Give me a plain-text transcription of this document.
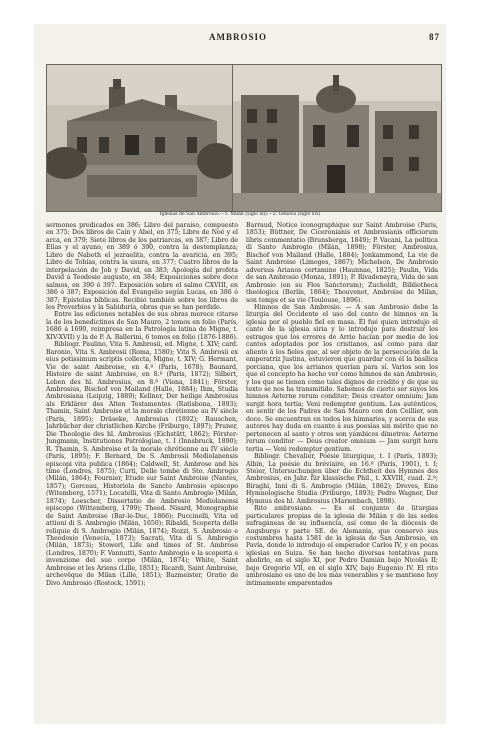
AMBROSIO	87
Iglesias de San Ambrosio.—1. Milán (siglo xii).—2. Génova (siglo xvi)

sermones predicados en 386; Libro del paraíso, compuesto en 375; Dos libros de Caín y Abel, en 375; Libro de Noé y el arca, en 379; Siete libros de los patriarcas, en 387; Libro de Elías y el ayuno, en 389 ó 390, contra la destemplanza; Libro de Naboth el jezraelita, contra la avaricia, en 395; Libro de Tobías, contra la usura, en 377; Cuatro libros de la interpelación de Job y David, en 383; Apología del profeta David á Teodosio augusto, en 384; Exposiciones sobre doce salmos, en 390 ó 397. Exposición sobre el salmo CXVIII, en 386 ó 387; Exposición del Evangelio según Lucas, en 386 ó 387; Epístolas bíblicas. Recibió también sobre los libros de los Proverbios y la Sabiduría, obras que se han perdido.

Entre las ediciones notables de sus obras merece citarse la de los benedictinos de San Mauro, 2 tomos en folio (París, 1686 á 1690, reimpresa en la Patrología latina de Migne, t. XIV-XVII) y la de P. A. Ballerini, 6 tomos en folio (1876-1886).

Bibliogr. Paulino, Vita S. Ambrosii, ed. Migne, t. XIV; card. Baronio, Vita S. Ambrosii (Roma, 1580); Vita S. Ambrosii ex eius potissimum scriptis collecta, Migne, t. XIV; G. Hermant, Vie de saint Ambroise, en 4.º (París, 1678); Baunard, Histoire de saint Ambroise, en 8.º (París, 1872); Silbert, Leben des hl. Ambrosius, en 8.º (Viena, 1841); Förster, Ambrosius, Bischof von Mailand (Halle, 1884); Ihm, Studia Ambrosiana (Leipzig, 1889); Kellner, Der heilige Ambrosius als Erklärer des Alten Testamentes (Ratisbona, 1893); Thamin, Saint Ambroise et la morale chrétienne au IV siècle (París, 1895); Dräseke, Ambrosius (1892); Rauschen, Jahrbücher der christlichen Kirche (Friburgo, 1897); Pruner, Die Theologie des hl. Ambrosius (Eichstätt, 1862); Förster-Jungmann, Institutiones Patrologiae, t. I (Innsbruck, 1890); R. Thamin, S. Ambroise et la morale chrétienne au IV siècle (París, 1895); F. Bernard, De S. Ambrosii Mediolanensis episcopi vita publica (1864); Caldwell, St. Ambrose and his time (Londres, 1875); Curti, Delle tombe di Sto. Ambrogio (Milán, 1864); Fournier, Etude sur Saint Ambroise (Nantes, 1857); Gerceau, Historiola de Sancto Ambrosio episcopo (Witemberg, 1571); Locatelli, Vita di Santo Ambrogio (Milán, 1874); Loescher, Dissertatio de Ambrosio Mediolanensi episcopo (Wittemberg, 1799); Theod. Nisard, Monographie de Saint Ambroise (Bar-le-Duc, 1866); Puccinelli, Vita ed attioni di S. Ambrogio (Milán, 1650); Ribaldi, Scoperta delle reliquie di S. Ambrogio (Milán, 1874); Rozzi, S. Ambrosio e Theodosio (Venecia, 1873); Sacrati, Vita di S. Ambrogio (Milán, 1873); Stowerl, Life and times of St. Ambrose (Londres, 1870); F. Vannutti, Santo Ambrogio e la scoperta e invenzione del suo corpo (Milán, 1874); White, Saint Ambroise et les Ariens (Lille, 1851); Ricardi, Saint Ambroise, archevêque de Milan (Lille, 1851); Bazmeister, Oratio de Divo Ambrosio (Rostock, 1591);

Barraud, Notice iconographique sur Saint Ambroise (París, 1853); Büttner, De Ciceronianis et Ambrosianis officiorum libris commentatio (Brunsberga, 1849); P. Vacani, La politica di Santo Ambrogio (Milán, 1898); Förster, Ambrosius, Bischof von Mailand (Halle, 1884); Jonkammond, La vie de Saint Ambroise (Limoges, 1867); Michelson, De Ambrosio adversus Arianos certamine (Haunnae, 1825); Paulin, Vida de san Ambrosio (Monza, 1891); P. Rivadeneyra, Vida de san Ambrosio (en su Flos Sanctorum); Zucholdt, Bibliotheca theologica (Berlín, 1864); Thouvenot, Ambroise de Milan, son temps et sa vie (Toulouse, 1896).

Himnos de San Ambrosio. — A san Ambrosio debe la liturgia del Occidente el uso del canto de himnos en la iglesia por el pueblo fiel en masa. Él fué quien introdujo el canto de la iglesia siria y lo introdujo para destruir los estragos que los errores de Arrio hacían por medio de los cantos adoptados por los cristianos, así como para dar aliento á los fieles que, al ser objeto de la persecución de la emperatriz Justina, estuvieron que guardar con él la basílica porciana, que los arrianos querían para sí. Varios son los que el concepto ha hecho ver como himnos de san Ambrosio, y los que se tienen como tales dignos de crédito y de que su texto se nos ha transmitido. Sabemos de cierto ser suyos los himnos Aeterne rerum conditor; Deus creator omnium; Jam surgit hora tertia; Veni redemptor gentium. Los auténticos, en sentir de los Padres de San Mauro con don Ceillier, son doce. Se encuentran en todos los himnarios, y acerca de sus autores hay duda en cuanto á sus poesías sin mérito que no pertenecen al santo y otros son yámbicos dímetros: Aeterne rerum conditor — Deus creator omnium — Jam surgit hora tertia — Veni redemptor gentium.

Bibliogr. Chevalier, Poésie liturgique, t. I (París, 1893); Albin, La poésie du bréviaire, en 16.º (París, 1901), t. I; Steier, Untersuchungen über die Echtheit des Hymnes des Ambrosius, en Jahr. für klassische Phil., t. XXVIII, cuad. 2.º; Biraghi, Inni di S. Ambrogio (Milán, 1862); Dreves, Eine Hymnologische Studia (Friburgo, 1893); Pedro Wagner, Der Hymnus des hl. Ambrosius (Marienbach, 1898).

Rito ambrosiano. — Es el conjunto de liturgias particulares propias de la iglesia de Milán y de las sedes sufragáneas de su influencia, así como de la diócesis de Augsburgo y parte SE. de Alemania, que conservó sus costumbres hasta 1581 de la iglesia de San Ambrosio, en Pavía, donde lo introdujo el emperador Carlos IV, y en pocas iglesias en Suiza. Se han hecho diversas tentativas para abolirlo, en el siglo XI, por Pedro Damián bajo Nicolás II; bajo Gregorio VII, en el siglo XIV, bajo Eugenio IV. El rito ambrosiano es uno de los más venerables y se mantiene hoy íntimamente emparentados
